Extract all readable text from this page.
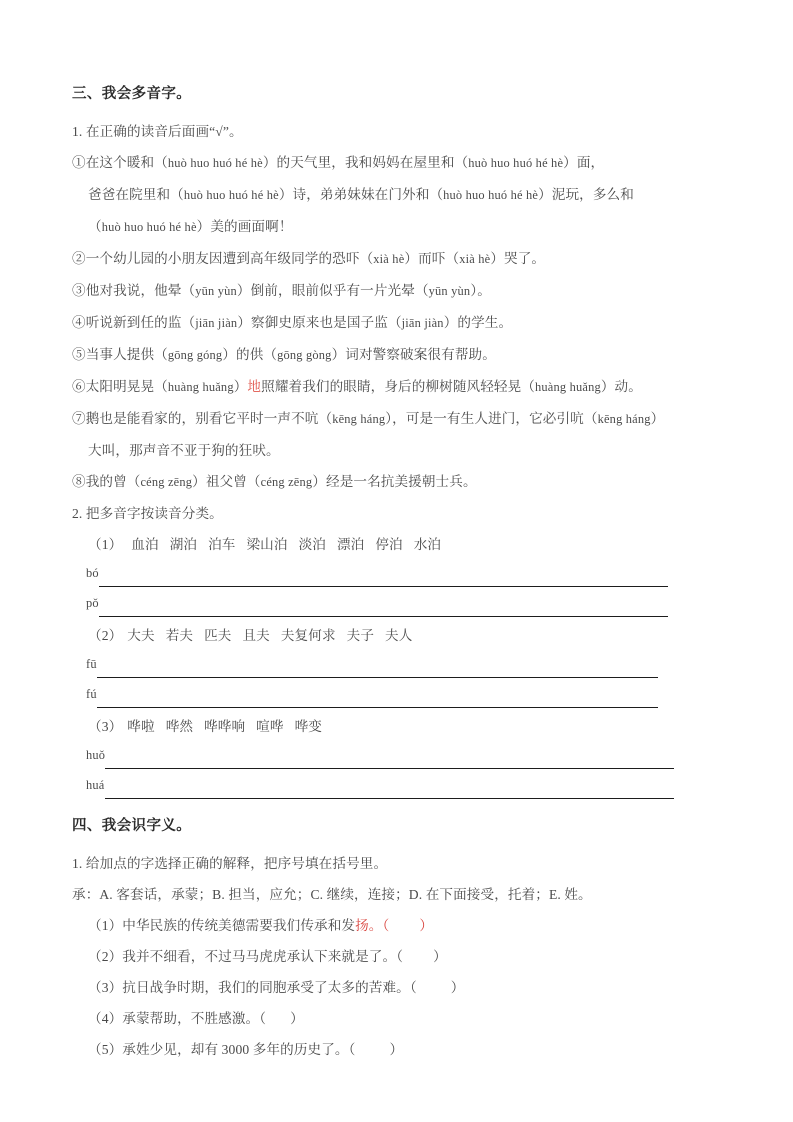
三、我会多音字。
1. 在正确的读音后面画“√”。
①在这个暖和（huò huo huó hé hè）的天气里，我和妈妈在屋里和（huò huo huó hé hè）面，
爸爸在院里和（huò huo huó hé hè）诗，弟弟妹妹在门外和（huò huo huó hé hè）泥玩，多么和
（huò huo huó hé hè）美的画面啊！
②一个幼儿园的小朋友因遭到高年级同学的恐吓（xià hè）而吓（xià hè）哭了。
③他对我说，他晕（yūn yùn）倒前，眼前似乎有一片光晕（yūn yùn）。
④听说新到任的监（jiān jiàn）察御史原来也是国子监（jiān jiàn）的学生。
⑤当事人提供（gōng góng）的供（gōng gòng）词对警察破案很有帮助。
⑥太阳明晃晃（huàng huǎng）地照耀着我们的眼睛，身后的柳树随风轻轻晃（huàng huǎng）动。
⑦鹅也是能看家的，别看它平时一声不吭（kēng háng），可是一有生人进门，它必引吭（kēng háng）
大叫，那声音不亚于狗的狂吠。
⑧我的曾（céng zēng）祖父曾（céng zēng）经是一名抗美援朝士兵。
2. 把多音字按读音分类。
（1） 血泊 湖泊 泊车 梁山泊 淡泊 漂泊 停泊 水泊
bó
pǒ
（2） 大夫 若夫 匹夫 且夫 夫复何求 夫子 夫人
fū
fú
（3） 哗啦 哗然 哗哗响 喧哗 哗变
huǒ
huá
四、我会识字义。
1. 给加点的字选择正确的解释，把序号填在括号里。
承：A. 客套话，承蒙；B. 担当，应允；C. 继续，连接；D. 在下面接受，托着；E. 姓。
（1）中华民族的传统美德需要我们传承和发扬。（ ）
（2）我并不细看，不过马马虎虎承认下来就是了。（ ）
（3）抗日战争时期，我们的同胞承受了太多的苦难。（	）
（4）承蒙帮助，不胜感激。（ ）
（5）承姓少见，却有 3000 多年的历史了。（	）
